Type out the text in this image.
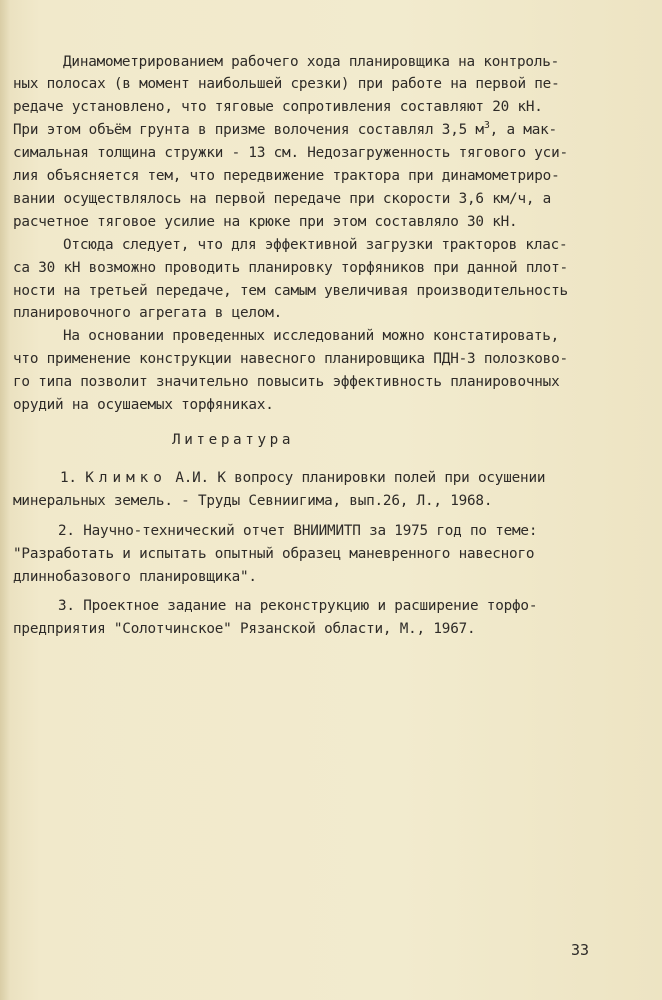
Динамометрированием рабочего хода планировщика на контроль-
ных полосах (в момент наибольшей срезки) при работе на первой пе-
редаче установлено, что тяговые сопротивления составляют 20 кН.
При этом объём грунта в призме волочения составлял 3,5 $м^3$, а мак-
симальная толщина стружки - 13 см. Недозагруженность тягового уси-
лия объясняется тем, что передвижение трактора при динамометриро-
вании осуществлялось на первой передаче при скорости 3,6 км/ч, а
расчетное тяговое усилие на крюке при этом составляло 30 кН.
Отсюда следует, что для эффективной загрузки тракторов клас-
са 30 кН возможно проводить планировку торфяников при данной плот-
ности на третьей передаче, тем самым увеличивая производительность
планировочного агрегата в целом.
На основании проведенных исследований можно констатировать,
что применение конструкции навесного планировщика ПДН-3 полозково-
го типа позволит значительно повысить эффективность планировочных
орудий на осушаемых торфяниках.
Литература
1. Климко А.И. К вопросу планировки полей при осушении
минеральных земель. - Труды Севниигима, вып.26, Л., 1968.
2. Научно-технический отчет ВНИИМИТП за 1975 год по теме:
"Разработать и испытать опытный образец маневренного навесного
длиннобазового планировщика".
3. Проектное задание на реконструкцию и расширение торфо-
предприятия "Солотчинское" Рязанской области, М., 1967.
33
